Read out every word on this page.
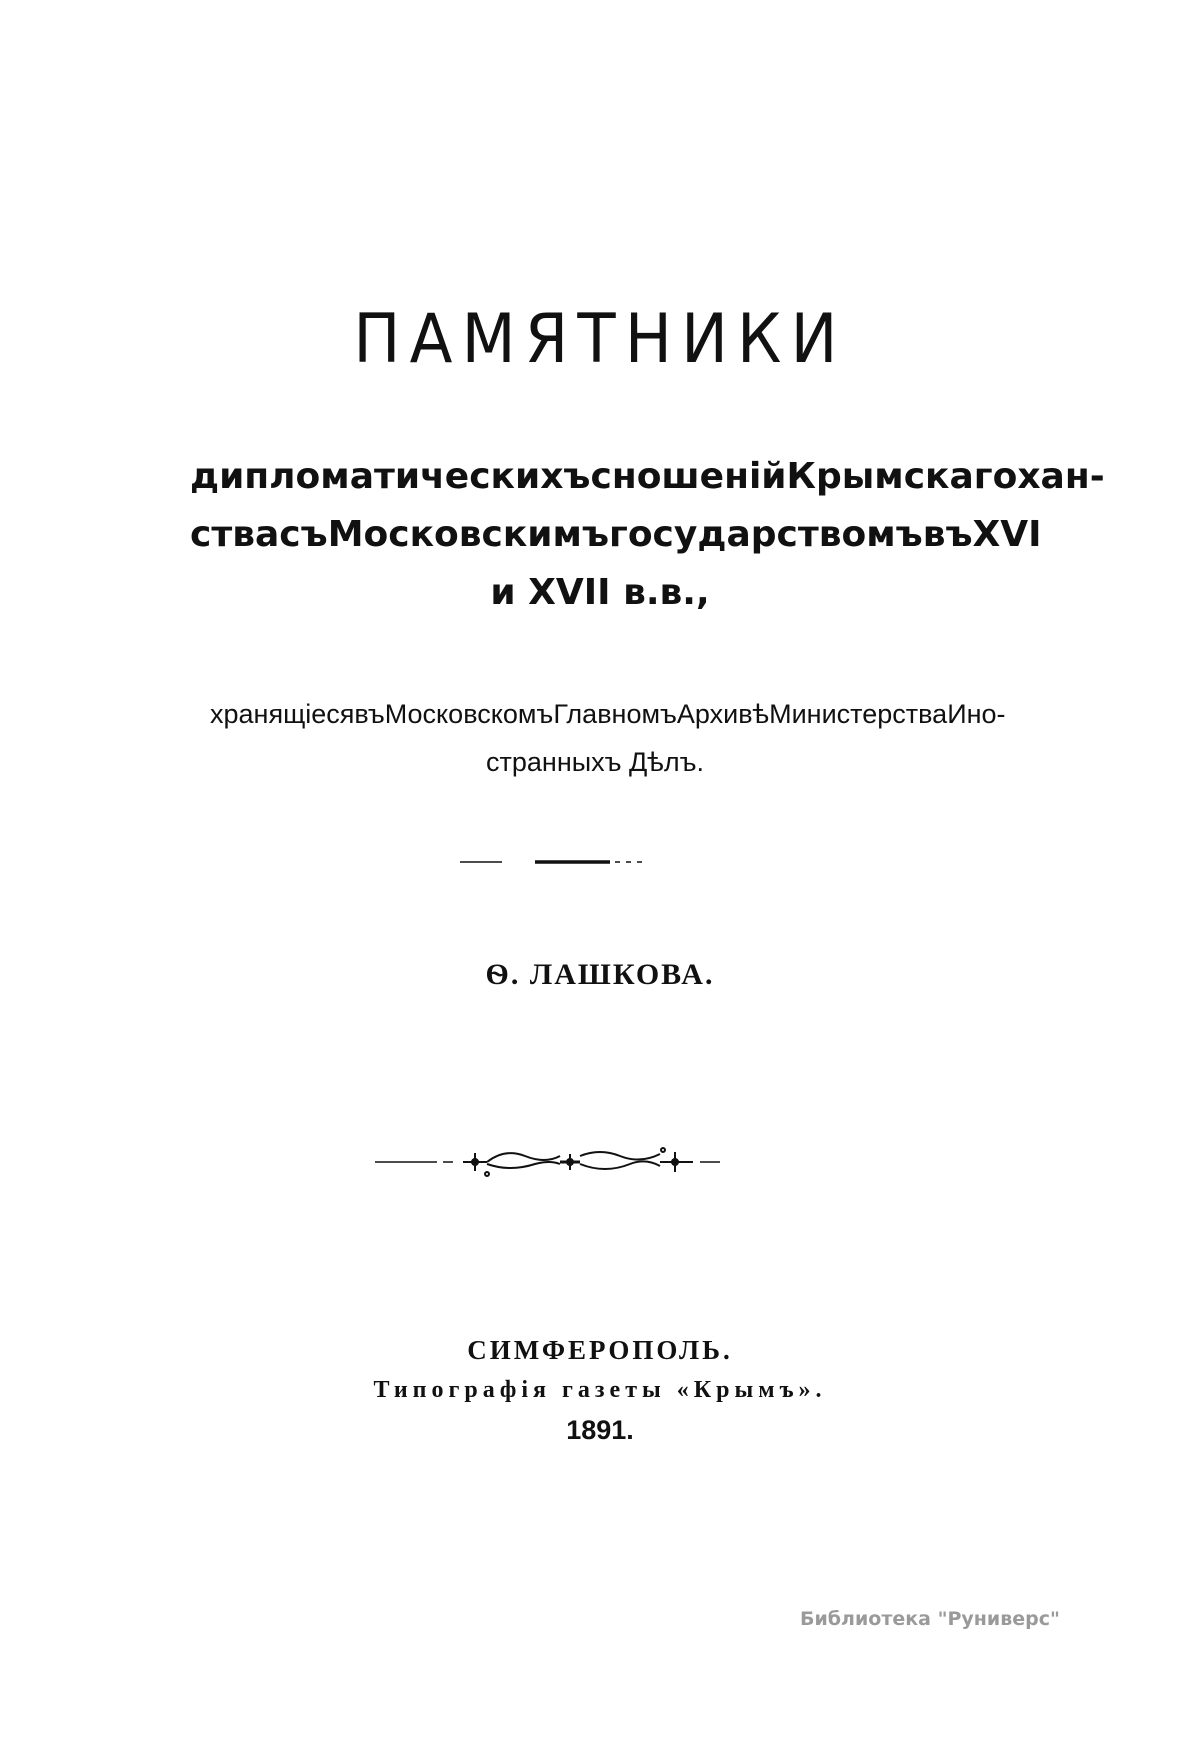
ПАМЯТНИКИ
дипломатическихъ сношеній Крымскаго хан-
ства съ Московскимъ государствомъ въ XVI
и
XVII
в.в.,
хранящіеся въ Московскомъ Главномъ Архивѣ Министерства Ино-
странныхъ Дѣлъ.
Ѳ. ЛАШКОВА.
СИМФЕРОПОЛЬ.
Типографія газеты «Крымъ».
1891.
Библиотека "Руниверс"
